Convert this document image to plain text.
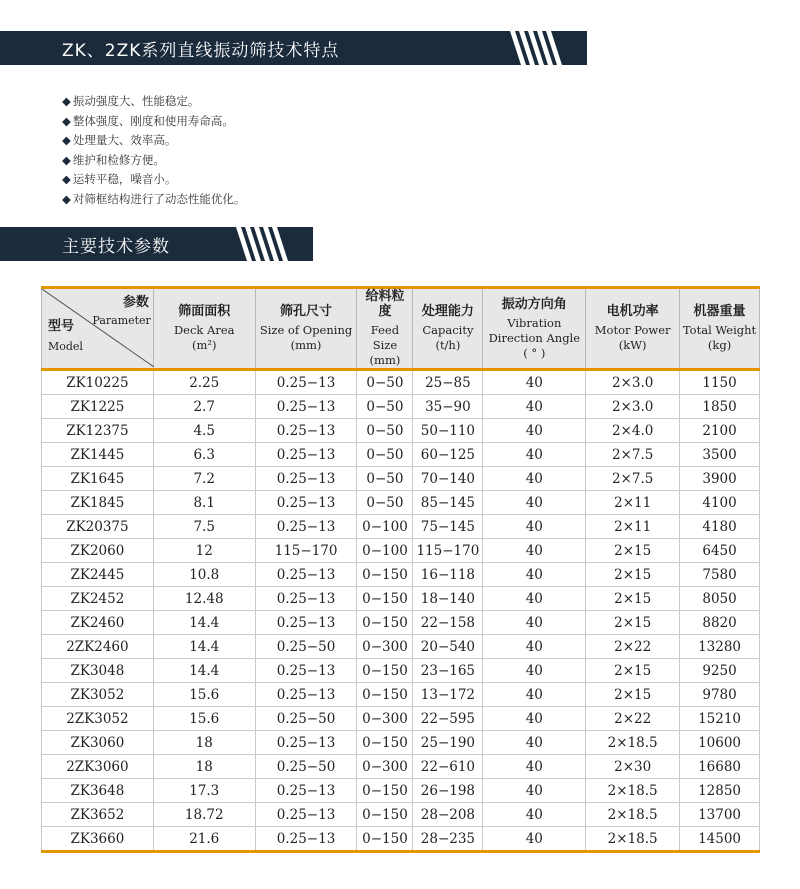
ZK、2ZK系列直线振动筛技术特点
◆ 振动强度大、性能稳定。
◆ 整体强度、刚度和使用寿命高。
◆ 处理量大、效率高。
◆ 维护和检修方便。
◆ 运转平稳，噪音小。
◆ 对筛框结构进行了动态性能优化。
主要技术参数
参数
Parameter
型号
Model	筛面面积
Deck Area
(m²)	筛孔尺寸
Size of Opening
(mm)	给料粒度
Feed Size
(mm)	处理能力
Capacity
(t/h)	振动方向角
Vibration Direction Angle
( ° )	电机功率
Motor Power
(kW)	机器重量
Total Weight
(kg)

ZK10225	2.25	0.25−13	0−50	25−85	40	2×3.0	1150
ZK1225	2.7	0.25−13	0−50	35−90	40	2×3.0	1850
ZK12375	4.5	0.25−13	0−50	50−110	40	2×4.0	2100
ZK1445	6.3	0.25−13	0−50	60−125	40	2×7.5	3500
ZK1645	7.2	0.25−13	0−50	70−140	40	2×7.5	3900
ZK1845	8.1	0.25−13	0−50	85−145	40	2×11	4100
ZK20375	7.5	0.25−13	0−100	75−145	40	2×11	4180
ZK2060	12	115−170	0−100	115−170	40	2×15	6450
ZK2445	10.8	0.25−13	0−150	16−118	40	2×15	7580
ZK2452	12.48	0.25−13	0−150	18−140	40	2×15	8050
ZK2460	14.4	0.25−13	0−150	22−158	40	2×15	8820
2ZK2460	14.4	0.25−50	0−300	20−540	40	2×22	13280
ZK3048	14.4	0.25−13	0−150	23−165	40	2×15	9250
ZK3052	15.6	0.25−13	0−150	13−172	40	2×15	9780
2ZK3052	15.6	0.25−50	0−300	22−595	40	2×22	15210
ZK3060	18	0.25−13	0−150	25−190	40	2×18.5	10600
2ZK3060	18	0.25−50	0−300	22−610	40	2×30	16680
ZK3648	17.3	0.25−13	0−150	26−198	40	2×18.5	12850
ZK3652	18.72	0.25−13	0−150	28−208	40	2×18.5	13700
ZK3660	21.6	0.25−13	0−150	28−235	40	2×18.5	14500
